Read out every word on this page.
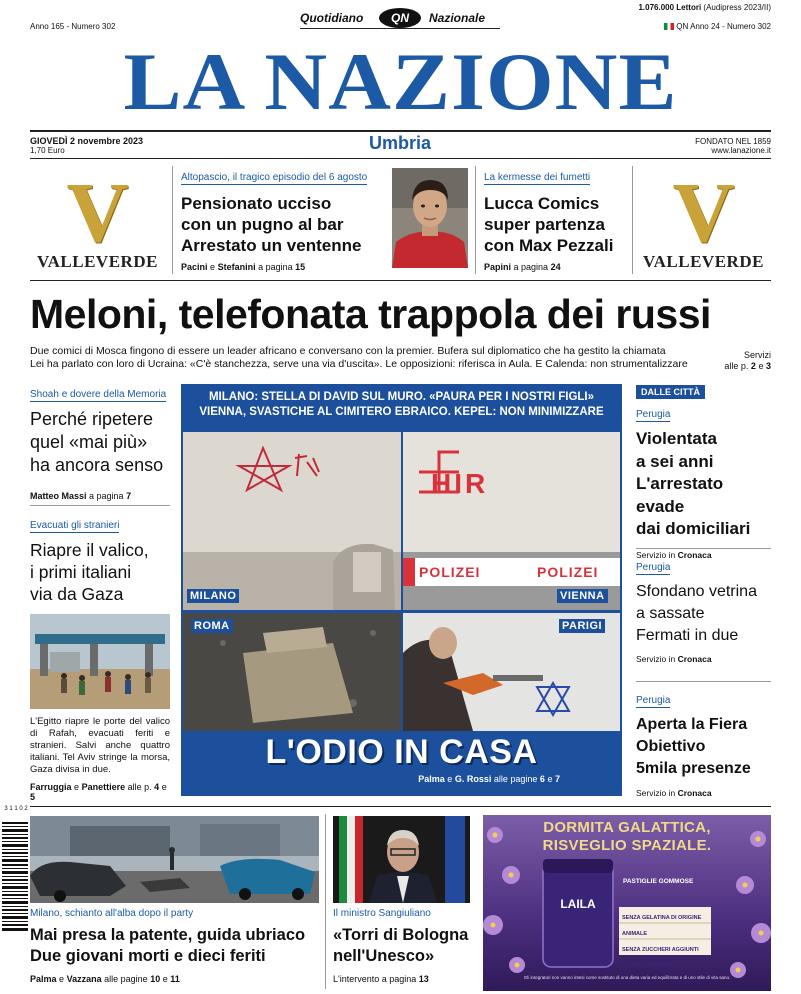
Anno 165 - Numero 302
Quotidiano	QN	Nazionale
1.076.000 Lettori (Audipress 2023/II)
QN Anno 24 - Numero 302
LA NAZIONE
GIOVEDÌ 2 novembre 2023
1,70 Euro	Umbria	FONDATO NEL 1859
www.lanazione.it
V
VALLEVERDE
Altopascio, il tragico episodio del 6 agosto
Pensionato ucciso
con un pugno al bar
Arrestato un ventenne
Pacini e Stefanini a pagina 15
La kermesse dei fumetti
Lucca Comics
super partenza
con Max Pezzali
Papini a pagina 24
V
VALLEVERDE
Meloni, telefonata trappola dei russi
Due comici di Mosca fingono di essere un leader africano e conversano con la premier. Bufera sul diplomatico che ha gestito la chiamata
Lei ha parlato con loro di Ucraina: «C'è stanchezza, serve una via d'uscita». Le opposizioni: riferisca in Aula. E Calenda: non strumentalizzare
Servizi
alle p. 2 e 3
Shoah e dovere della Memoria
Perché ripetere
quel «mai più»
ha ancora senso
Matteo Massi a pagina 7
Evacuati gli stranieri
Riapre il valico,
i primi italiani
via da Gaza
L'Egitto riapre le porte del valico di Rafah, evacuati feriti e stranieri. Salvi anche quattro italiani. Tel Aviv stringe la morsa, Gaza divisa in due.
Farruggia e Panettiere alle p. 4 e 5
MILANO: STELLA DI DAVID SUL MURO. «PAURA PER I NOSTRI FIGLI»
VIENNA, SVASTICHE AL CIMITERO EBRAICO. KEPEL: NON MINIMIZZARE
MILANO
HIR
POLIZEI	POLIZEI
VIENNA
ROMA	PARIGI
L'ODIO IN CASA
Palma e G. Rossi alle pagine 6 e 7
DALLE CITTÀ
Perugia
Violentata
a sei anni
L'arrestato evade
dai domiciliari
Servizio in Cronaca
Perugia
Sfondano vetrina
a sassate
Fermati in due
Servizio in Cronaca
Perugia
Aperta la Fiera
Obiettivo
5mila presenze
Servizio in Cronaca
3 1 1 0 2
Milano, schianto all'alba dopo il party
Mai presa la patente, guida ubriaco
Due giovani morti e dieci feriti
Palma e Vazzana alle pagine 10 e 11
Il ministro Sangiuliano
«Torri di Bologna
nell'Unesco»
L'intervento a pagina 13
DORMITA GALATTICA,
RISVEGLIO SPAZIALE.
LAILA
PASTIGLIE GOMMOSE
SENZA GELATINA DI ORIGINE ANIMALE
SENZA ZUCCHERI AGGIUNTI
CON MELATONINA
Gli integratori non vanno intesi come sostituto di una dieta varia ed equilibrata e di uno stile di vita sano.
